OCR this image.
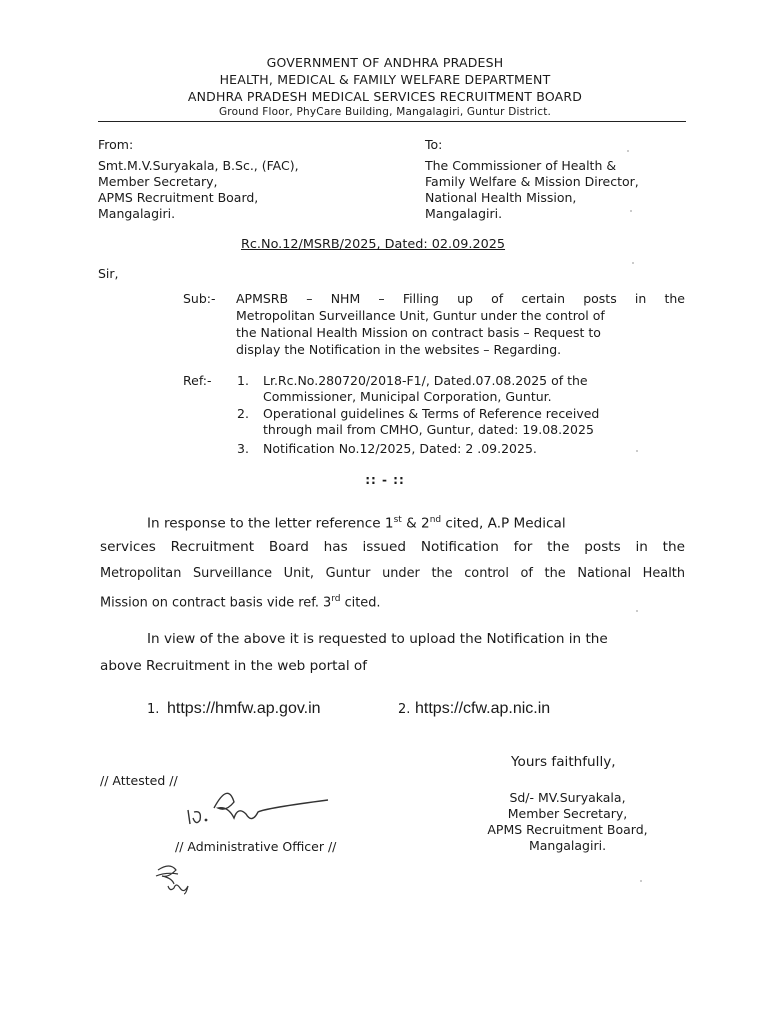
GOVERNMENT OF ANDHRA PRADESH
HEALTH, MEDICAL & FAMILY WELFARE DEPARTMENT
ANDHRA PRADESH MEDICAL SERVICES RECRUITMENT BOARD
Ground Floor, PhyCare Building, Mangalagiri, Guntur District.
From:
Smt.M.V.Suryakala, B.Sc., (FAC),
Member Secretary,
APMS Recruitment Board,
Mangalagiri.
To:
The Commissioner of Health &
Family Welfare & Mission Director,
National Health Mission,
Mangalagiri.
Rc.No.12/MSRB/2025, Dated: 02.09.2025
Sir,
Sub:- APMSRB – NHM – Filling up of certain posts in the
Metropolitan Surveillance Unit, Guntur under the control of
the National Health Mission on contract basis – Request to
display the Notification in the websites – Regarding.
Ref:- 1. Lr.Rc.No.280720/2018-F1/, Dated.07.08.2025 of the
Commissioner, Municipal Corporation, Guntur.
2. Operational guidelines & Terms of Reference received
through mail from CMHO, Guntur, dated: 19.08.2025
3. Notification No.12/2025, Dated: 2 .09.2025.
:: - ::
In response to the letter reference 1st & 2nd cited, A.P Medical
services Recruitment Board has issued Notification for the posts in the
Metropolitan Surveillance Unit, Guntur under the control of the National Health
Mission on contract basis vide ref. 3rd cited.
In view of the above it is requested to upload the Notification in the
above Recruitment in the web portal of
1. https://hmfw.ap.gov.in	2. https://cfw.ap.nic.in
Yours faithfully,
Sd/- MV.Suryakala,
Member Secretary,
APMS Recruitment Board,
Mangalagiri.
// Attested //
// Administrative Officer //
